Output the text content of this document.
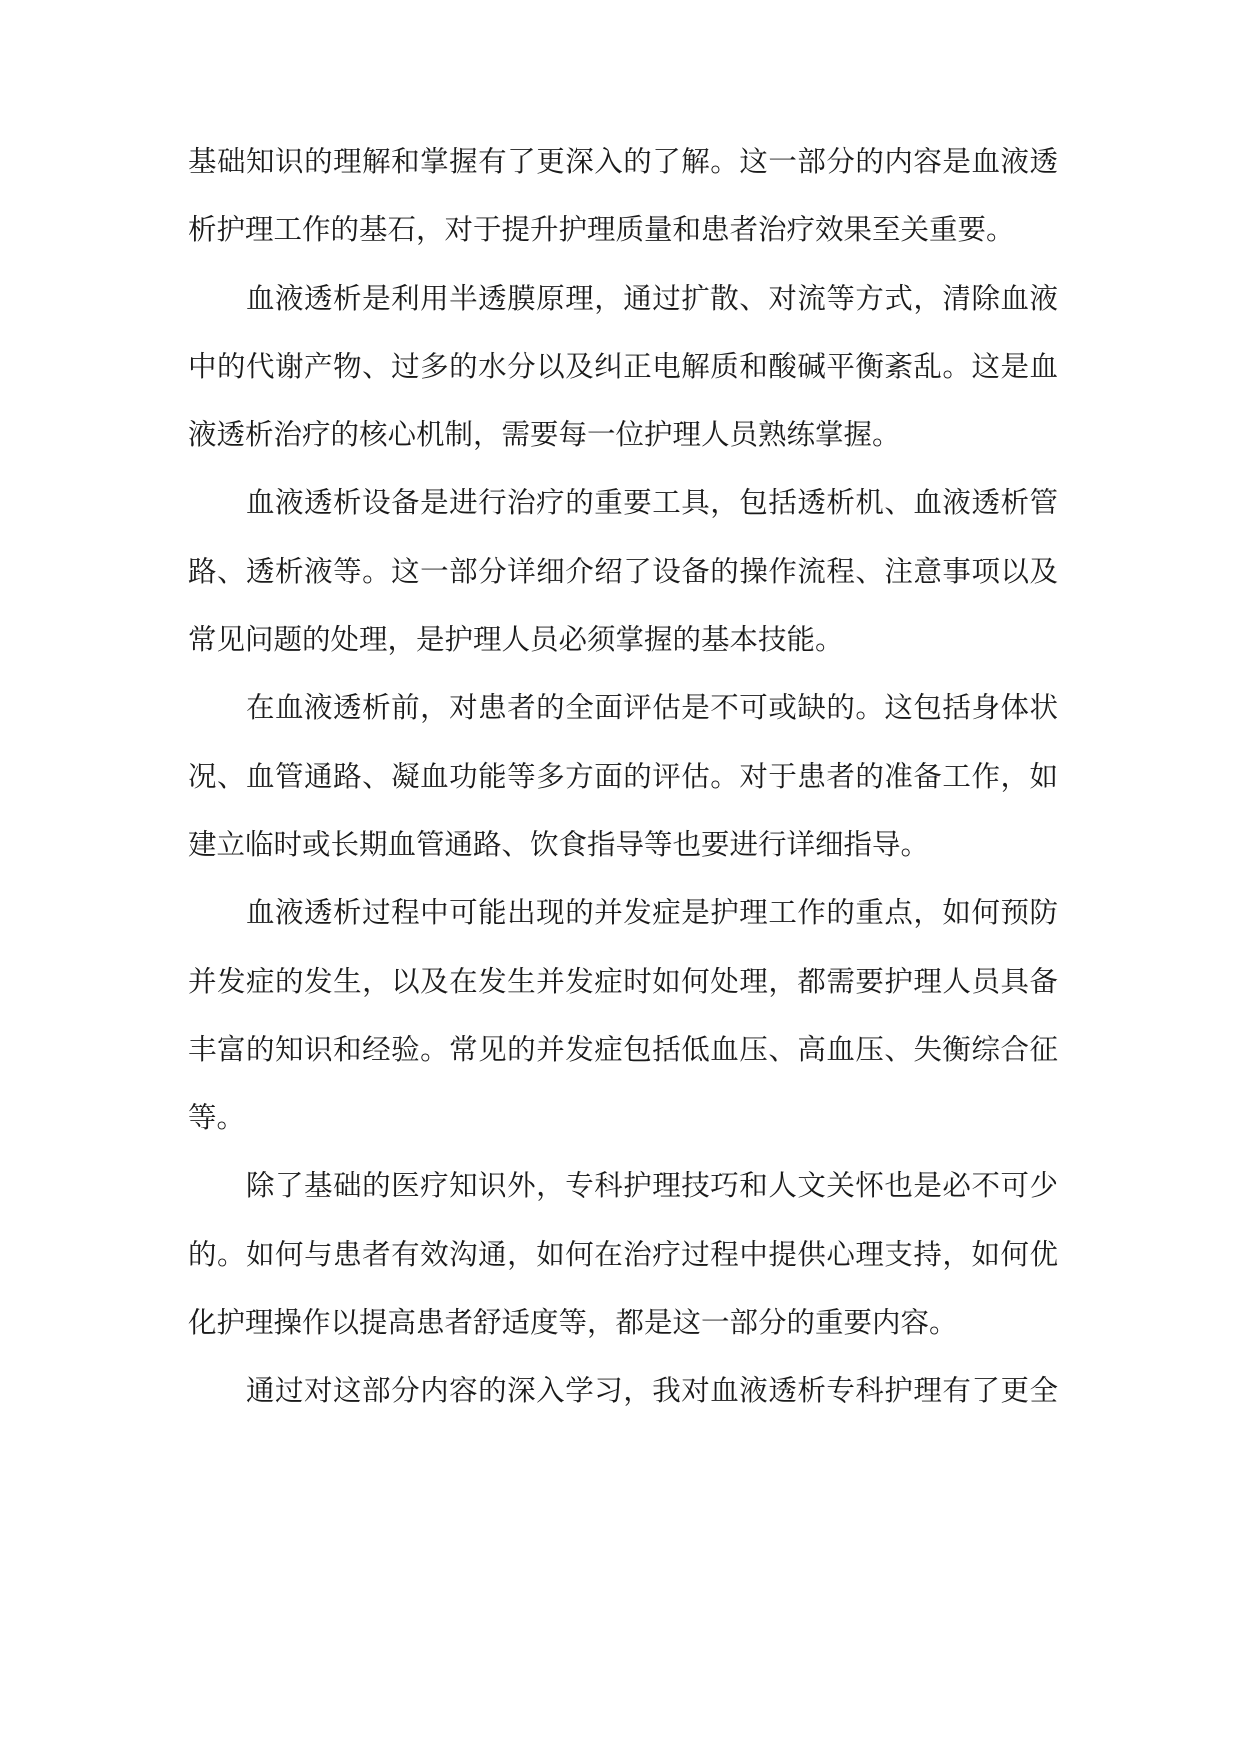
基础知识的理解和掌握有了更深入的了解。这一部分的内容是血液透
析护理工作的基石，对于提升护理质量和患者治疗效果至关重要。
血液透析是利用半透膜原理，通过扩散、对流等方式，清除血液
中的代谢产物、过多的水分以及纠正电解质和酸碱平衡紊乱。这是血
液透析治疗的核心机制，需要每一位护理人员熟练掌握。
血液透析设备是进行治疗的重要工具，包括透析机、血液透析管
路、透析液等。这一部分详细介绍了设备的操作流程、注意事项以及
常见问题的处理，是护理人员必须掌握的基本技能。
在血液透析前，对患者的全面评估是不可或缺的。这包括身体状
况、血管通路、凝血功能等多方面的评估。对于患者的准备工作，如
建立临时或长期血管通路、饮食指导等也要进行详细指导。
血液透析过程中可能出现的并发症是护理工作的重点，如何预防
并发症的发生，以及在发生并发症时如何处理，都需要护理人员具备
丰富的知识和经验。常见的并发症包括低血压、高血压、失衡综合征
等。
除了基础的医疗知识外，专科护理技巧和人文关怀也是必不可少
的。如何与患者有效沟通，如何在治疗过程中提供心理支持，如何优
化护理操作以提高患者舒适度等，都是这一部分的重要内容。
通过对这部分内容的深入学习，我对血液透析专科护理有了更全
